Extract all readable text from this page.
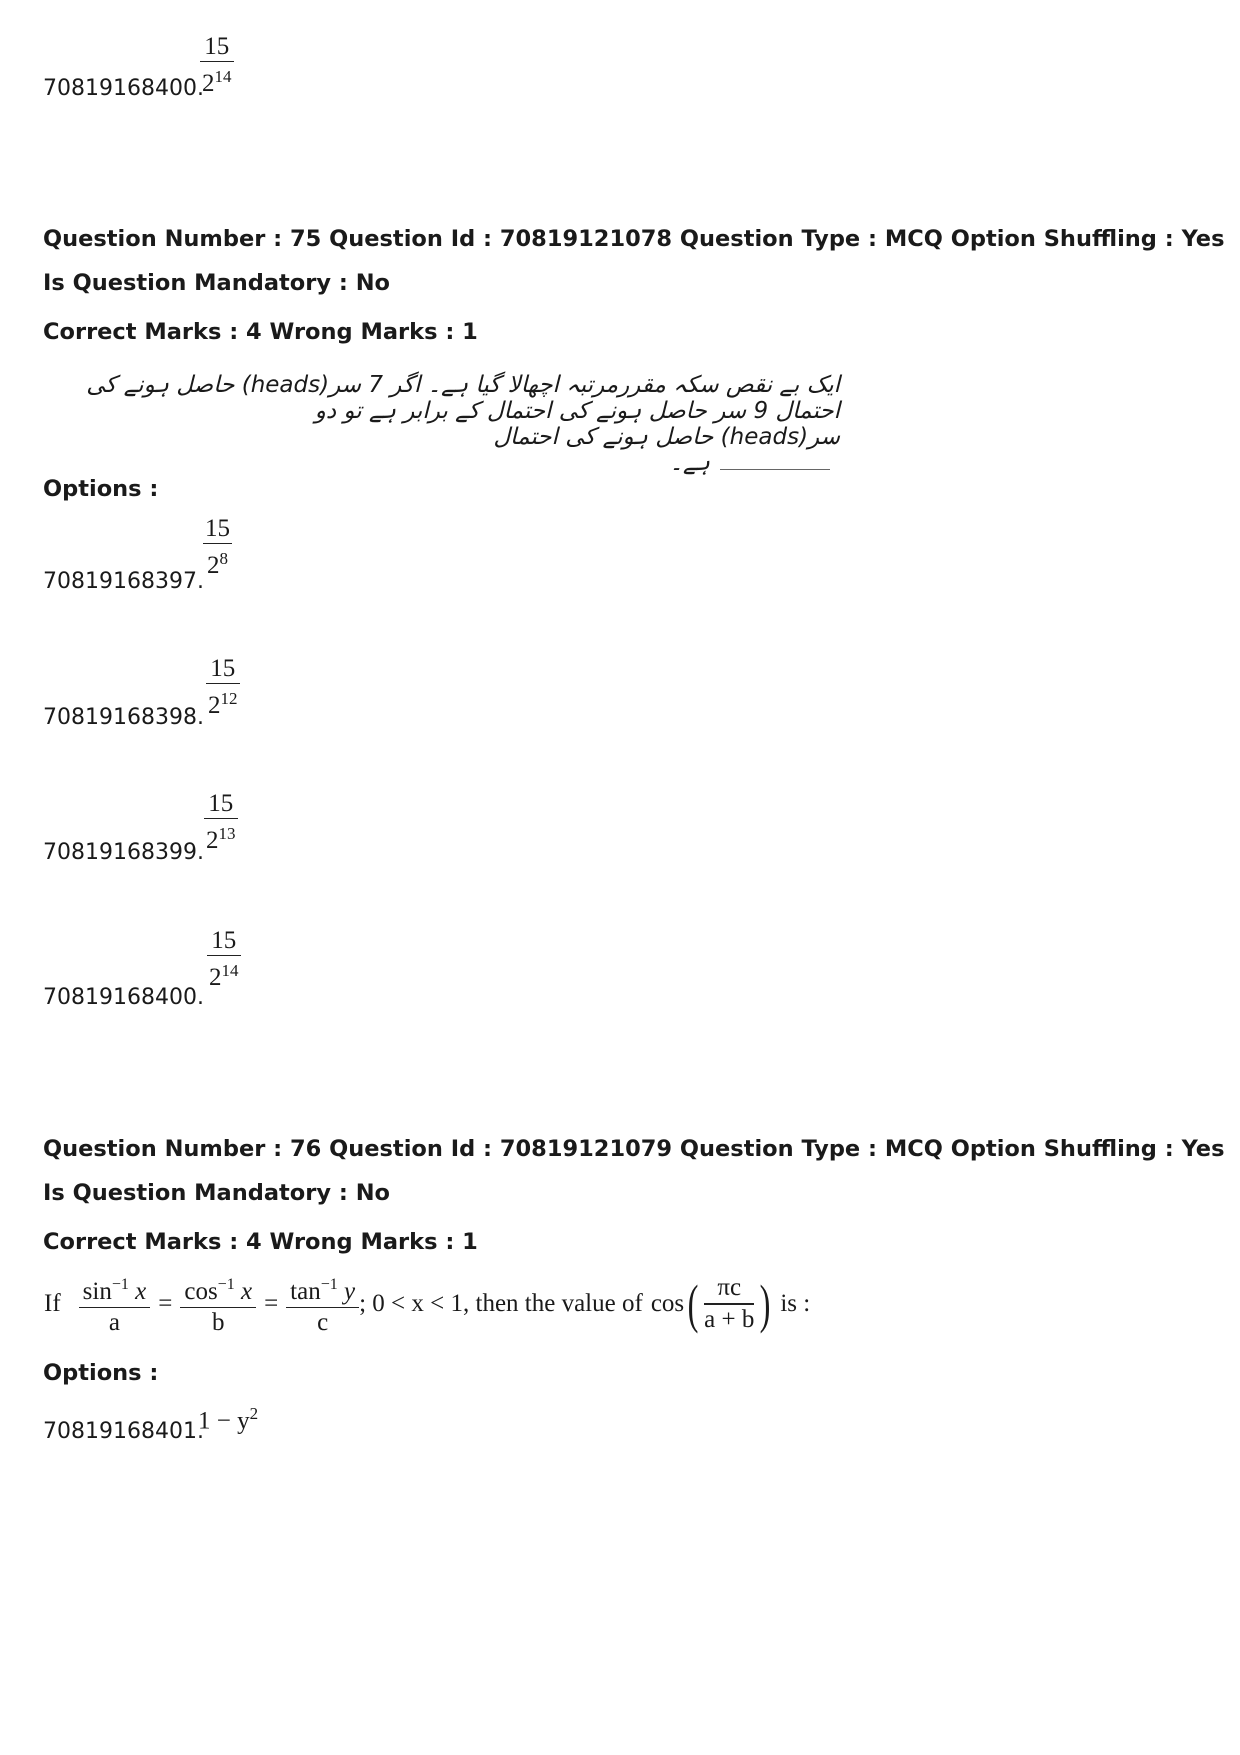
70819168400.
15
$2^{14}$
Question Number : 75 Question Id : 70819121078 Question Type : MCQ Option Shuffling : Yes
Is Question Mandatory : No
Correct Marks : 4 Wrong Marks : 1
ایک بے نقص سکہ مقررمرتبہ اچھالا گیا ہے۔ اگر 7 سر(heads) حاصل ہونے کی احتمال 9 سر حاصل ہونے کی احتمال کے برابر ہے تو دو
سر(heads) حاصل ہونے کی احتمالہے۔
Options :
70819168397.
15
$2^8$
70819168398.
15
$2^{12}$
70819168399.
15
$2^{13}$
70819168400.
15
$2^{14}$
Question Number : 76 Question Id : 70819121079 Question Type : MCQ Option Shuffling : Yes
Is Question Mandatory : No
Correct Marks : 4 Wrong Marks : 1
If $\sin^{-1} x$
a
= $\cos^{-1} x$
b
= $\tan^{-1} y$
c
; 0 < x < 1, then the value of cos ( πc
a + b ) is :
Options :
70819168401.
$1 - y^2$
